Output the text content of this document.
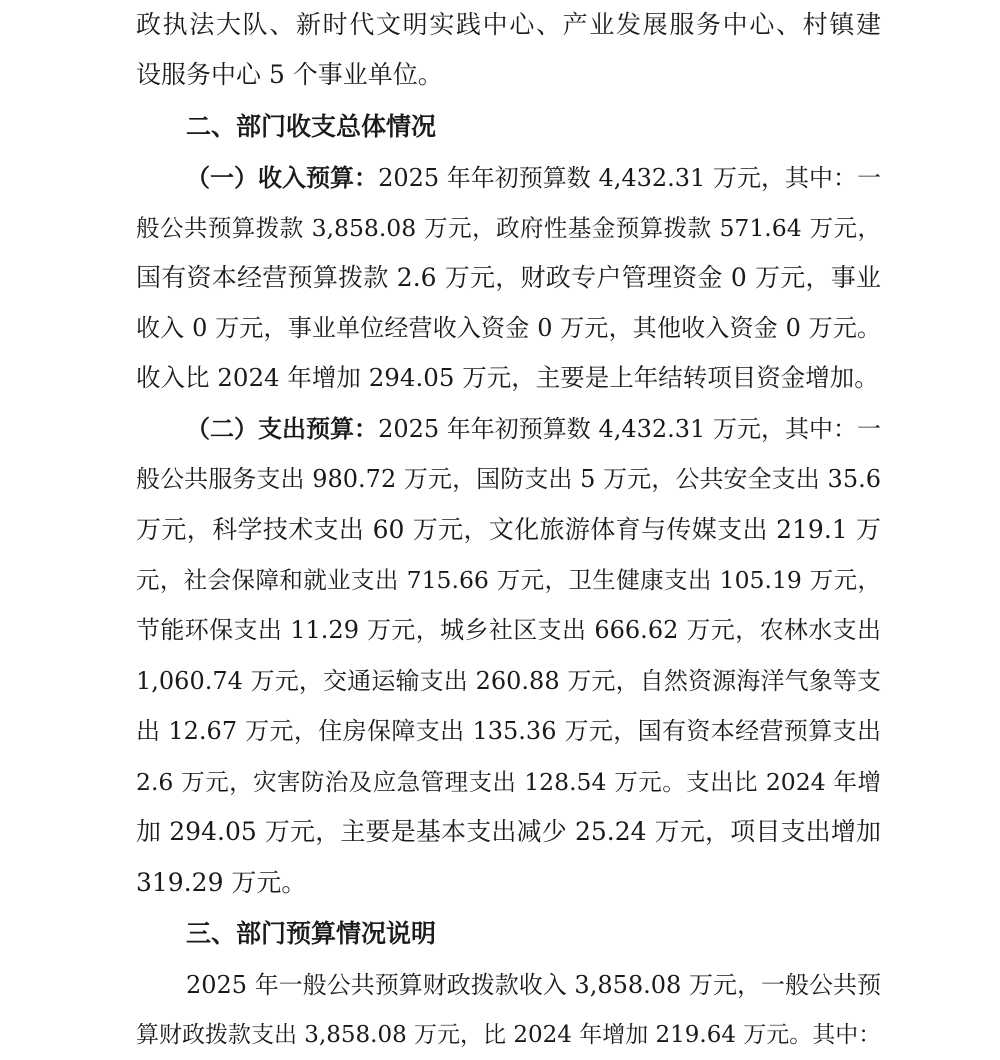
政执法大队、新时代文明实践中心、产业发展服务中心、村镇建
设服务中心 5 个事业单位。
二、部门收支总体情况
（一）收入预算：2025 年年初预算数 4,432.31 万元，其中：一
般公共预算拨款 3,858.08 万元，政府性基金预算拨款 571.64 万元，
国有资本经营预算拨款 2.6 万元，财政专户管理资金 0 万元，事业
收入 0 万元，事业单位经营收入资金 0 万元，其他收入资金 0 万元。
收入比 2024 年增加 294.05 万元，主要是上年结转项目资金增加。
（二）支出预算：2025 年年初预算数 4,432.31 万元，其中：一
般公共服务支出 980.72 万元，国防支出 5 万元，公共安全支出 35.6
万元，科学技术支出 60 万元，文化旅游体育与传媒支出 219.1 万
元，社会保障和就业支出 715.66 万元，卫生健康支出 105.19 万元，
节能环保支出 11.29 万元，城乡社区支出 666.62 万元，农林水支出
1,060.74 万元，交通运输支出 260.88 万元，自然资源海洋气象等支
出 12.67 万元，住房保障支出 135.36 万元，国有资本经营预算支出
2.6 万元，灾害防治及应急管理支出 128.54 万元。支出比 2024 年增
加 294.05 万元，主要是基本支出减少 25.24 万元，项目支出增加
319.29 万元。
三、部门预算情况说明
2025 年一般公共预算财政拨款收入 3,858.08 万元，一般公共预
算财政拨款支出 3,858.08 万元，比 2024 年增加 219.64 万元。其中：
